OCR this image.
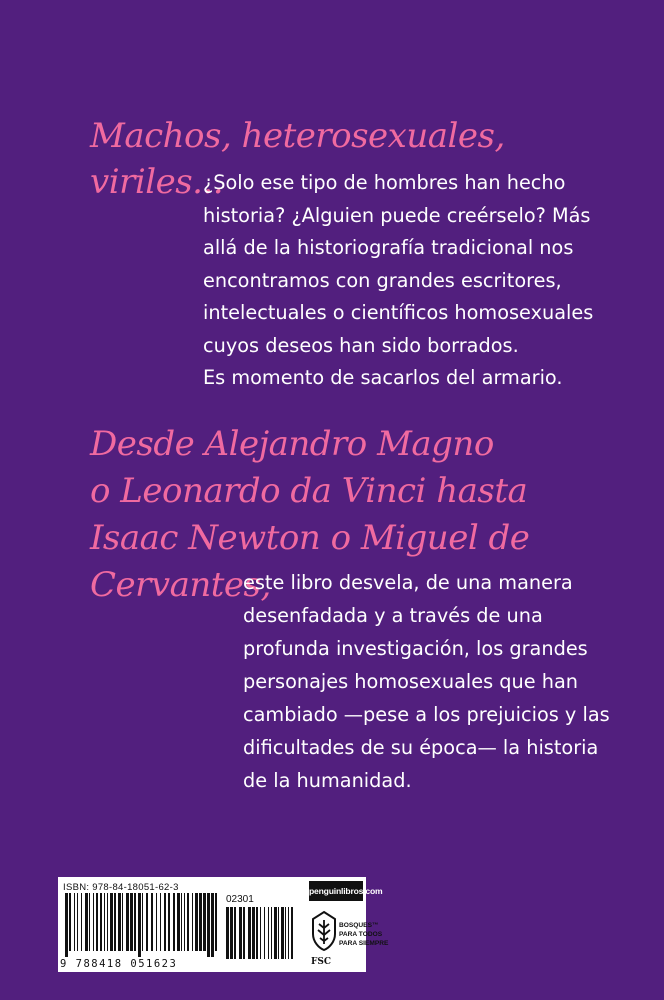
Machos, heterosexuales,
viriles...
¿Solo ese tipo de hombres han hecho
historia? ¿Alguien puede creérselo? Más
allá de la historiografía tradicional nos
encontramos con grandes escritores,
intelectuales o científicos homosexuales
cuyos deseos han sido borrados.
Es momento de sacarlos del armario.
Desde Alejandro Magno
o Leonardo da Vinci hasta
Isaac Newton o Miguel de
Cervantes,
este libro desvela, de una manera
desenfadada y a través de una
profunda investigación, los grandes
personajes homosexuales que han
cambiado —pese a los prejuicios y las
dificultades de su época— la historia
de la humanidad.
ISBN: 978-84-18051-62-3
9 788418 051623
02301
penguinlibros.com
FSC
BOSQUES™
PARA TODOS
PARA SIEMPRE
